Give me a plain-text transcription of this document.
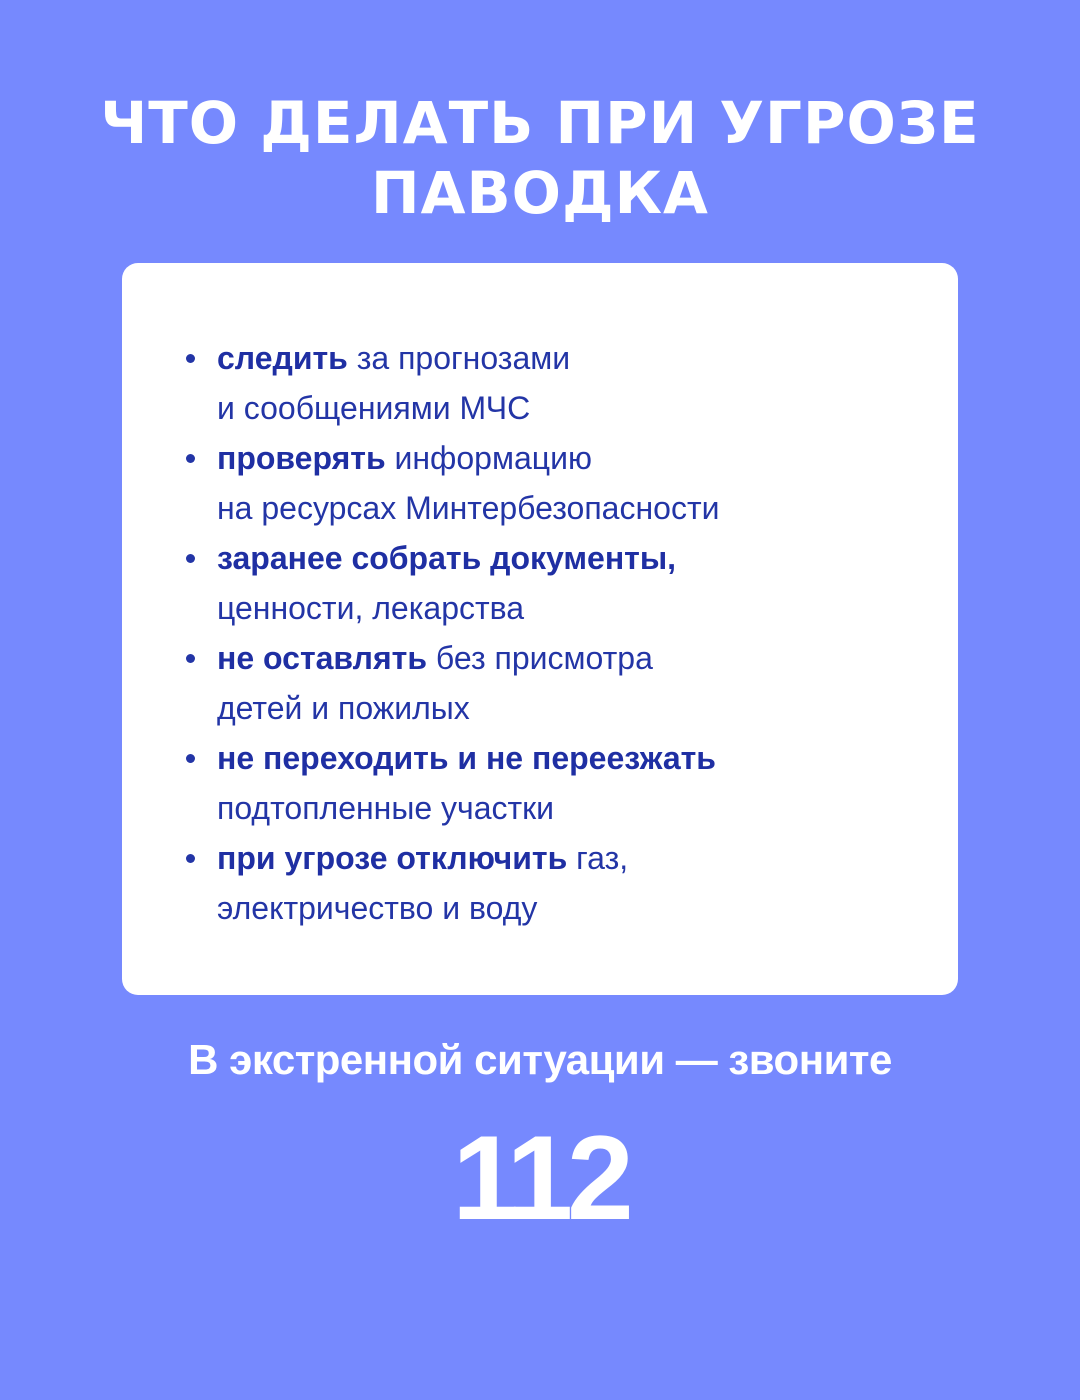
ЧТО ДЕЛАТЬ ПРИ УГРОЗЕ
ПАВОДКА
следить за прогнозами
и сообщениями МЧС
проверять информацию
на ресурсах Минтербезопасности
заранее собрать документы,
ценности, лекарства
не оставлять без присмотра
детей и пожилых
не переходить и не переезжать
подтопленные участки
при угрозе отключить газ,
электричество и воду
В экстренной ситуации — звоните
112
